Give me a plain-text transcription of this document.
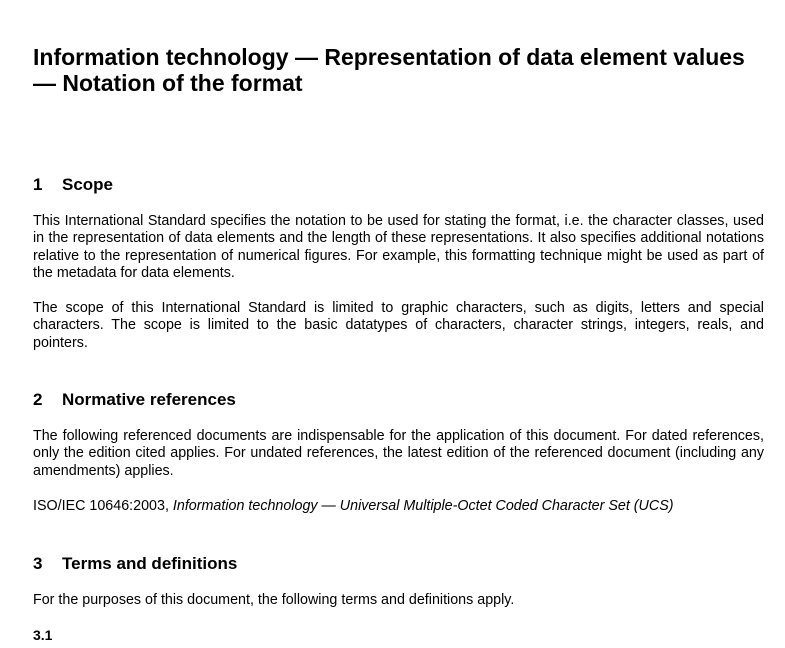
Information technology — Representation of data element values — Notation of the format
1 Scope

This International Standard specifies the notation to be used for stating the format, i.e. the character classes, used in the representation of data elements and the length of these representations. It also specifies additional notations relative to the representation of numerical figures. For example, this formatting technique might be used as part of the metadata for data elements.

The scope of this International Standard is limited to graphic characters, such as digits, letters and special characters. The scope is limited to the basic datatypes of characters, character strings, integers, reals, and pointers.

2 Normative references

The following referenced documents are indispensable for the application of this document. For dated references, only the edition cited applies. For undated references, the latest edition of the referenced document (including any amendments) applies.

ISO/IEC 10646:2003, Information technology — Universal Multiple-Octet Coded Character Set (UCS)

3 Terms and definitions

For the purposes of this document, the following terms and definitions apply.

3.1
